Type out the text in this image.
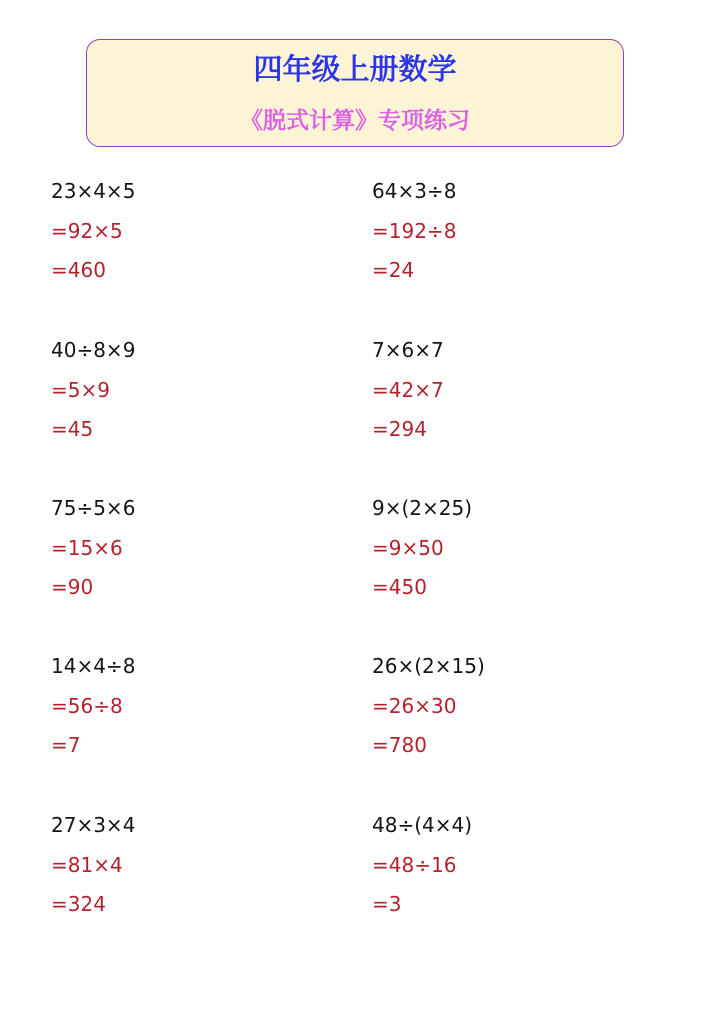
四年级上册数学
《脱式计算》专项练习
23×4×5
=92×5
=460
64×3÷8
=192÷8
=24
40÷8×9
=5×9
=45
7×6×7
=42×7
=294
75÷5×6
=15×6
=90
9×(2×25)
=9×50
=450
14×4÷8
=56÷8
=7
26×(2×15)
=26×30
=780
27×3×4
=81×4
=324
48÷(4×4)
=48÷16
=3
